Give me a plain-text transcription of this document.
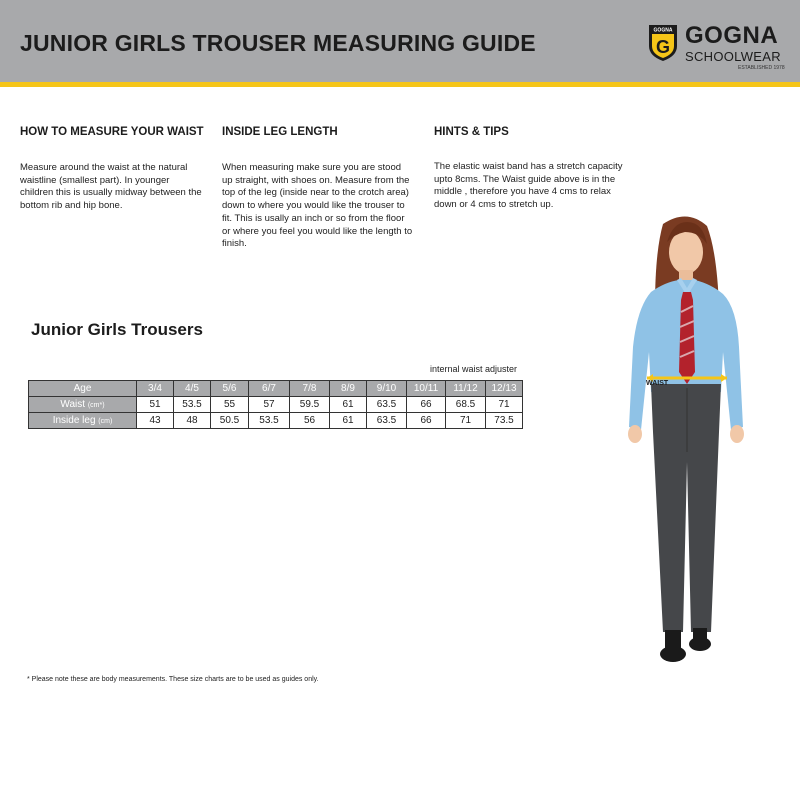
JUNIOR GIRLS TROUSER MEASURING GUIDE	GOGNA
G GOGNA
SCHOOLWEAR
ESTABLISHED 1978
HOW TO MEASURE YOUR WAIST

Measure around the waist at the natural waistline (smallest part). In younger children this is usually midway between the bottom rib and hip bone.

INSIDE LEG LENGTH

When measuring make sure you are stood up straight, with shoes on. Measure from the top of the leg (inside near to the crotch area) down to where you would like the trouser to fit. This is usally an inch or so from the floor or where you feel you would like the length to finish.

HINTS & TIPS

The elastic waist band has a stretch capacity upto 8cms. The Waist guide above is in the middle , therefore you have 4 cms to relax down or 4 cms to stretch up.

Junior Girls Trousers
internal waist adjuster
Age	3/4	4/5	5/6	6/7	7/8	8/9	9/10	10/11	11/12	12/13
Waist (cm*)	51	53.5	55	57	59.5	61	63.5	66	68.5	71
Inside leg (cm)	43	48	50.5	53.5	56	61	63.5	66	71	73.5
WAIST
* Please note these are body measurements. These size charts are to be used as guides only.
